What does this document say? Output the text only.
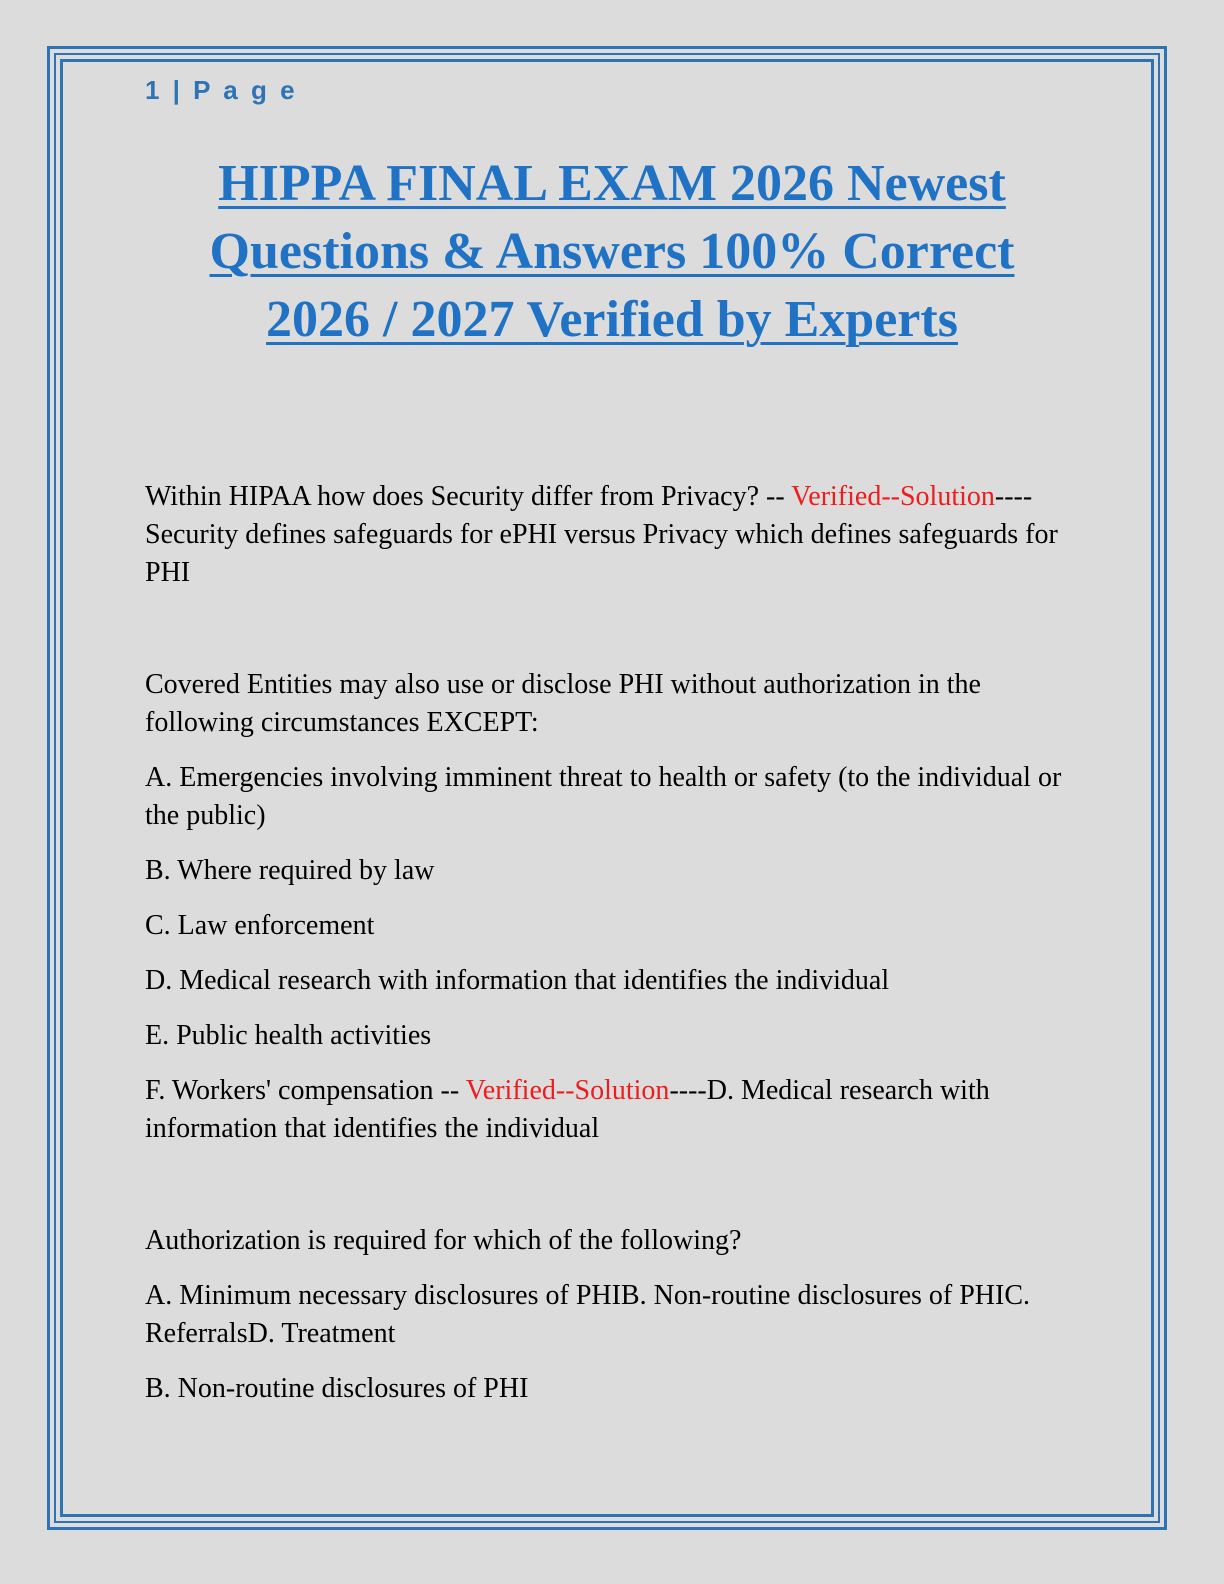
1 | P a g e
HIPPA FINAL EXAM 2026 Newest
Questions & Answers 100% Correct
2026 / 2027 Verified by Experts

Within HIPAA how does Security differ from Privacy? -- Verified--Solution----Security defines safeguards for ePHI versus Privacy which defines safeguards for PHI

Covered Entities may also use or disclose PHI without authorization in the following circumstances EXCEPT:

A. Emergencies involving imminent threat to health or safety (to the individual or the public)

B. Where required by law

C. Law enforcement

D. Medical research with information that identifies the individual

E. Public health activities

F. Workers' compensation -- Verified--Solution----D. Medical research with information that identifies the individual

Authorization is required for which of the following?

A. Minimum necessary disclosures of PHIB. Non-routine disclosures of PHIC. ReferralsD. Treatment

B. Non-routine disclosures of PHI
